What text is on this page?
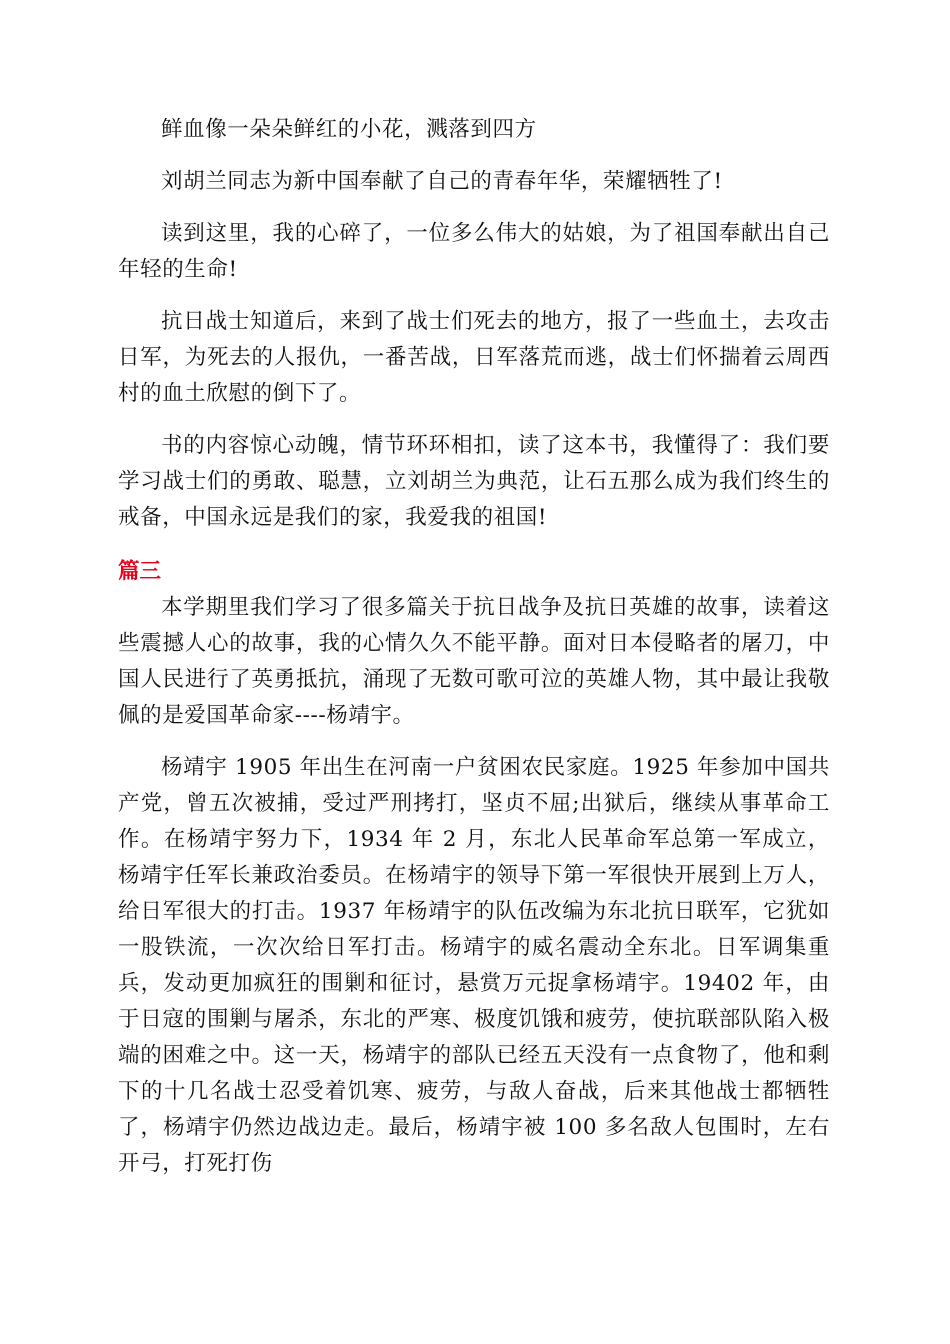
鲜血像一朵朵鲜红的小花，溅落到四方

刘胡兰同志为新中国奉献了自己的青春年华，荣耀牺牲了!

读到这里，我的心碎了，一位多么伟大的姑娘，为了祖国奉献出自己年轻的生命!

抗日战士知道后，来到了战士们死去的地方，报了一些血土，去攻击日军，为死去的人报仇，一番苦战，日军落荒而逃，战士们怀揣着云周西村的血土欣慰的倒下了。

书的内容惊心动魄，情节环环相扣，读了这本书，我懂得了：我们要学习战士们的勇敢、聪慧，立刘胡兰为典范，让石五那么成为我们终生的戒备，中国永远是我们的家，我爱我的祖国!

篇三

本学期里我们学习了很多篇关于抗日战争及抗日英雄的故事，读着这些震撼人心的故事，我的心情久久不能平静。面对日本侵略者的屠刀，中国人民进行了英勇抵抗，涌现了无数可歌可泣的英雄人物，其中最让我敬佩的是爱国革命家----杨靖宇。

杨靖宇 1905 年出生在河南一户贫困农民家庭。1925 年参加中国共产党，曾五次被捕，受过严刑拷打，坚贞不屈;出狱后，继续从事革命工作。在杨靖宇努力下，1934 年 2 月，东北人民革命军总第一军成立，杨靖宇任军长兼政治委员。在杨靖宇的领导下第一军很快开展到上万人，给日军很大的打击。1937 年杨靖宇的队伍改编为东北抗日联军，它犹如一股铁流，一次次给日军打击。杨靖宇的威名震动全东北。日军调集重兵，发动更加疯狂的围剿和征讨，悬赏万元捉拿杨靖宇。19402 年，由于日寇的围剿与屠杀，东北的严寒、极度饥饿和疲劳，使抗联部队陷入极端的困难之中。这一天，杨靖宇的部队已经五天没有一点食物了，他和剩下的十几名战士忍受着饥寒、疲劳，与敌人奋战，后来其他战士都牺牲了，杨靖宇仍然边战边走。最后，杨靖宇被 100 多名敌人包围时，左右开弓，打死打伤
